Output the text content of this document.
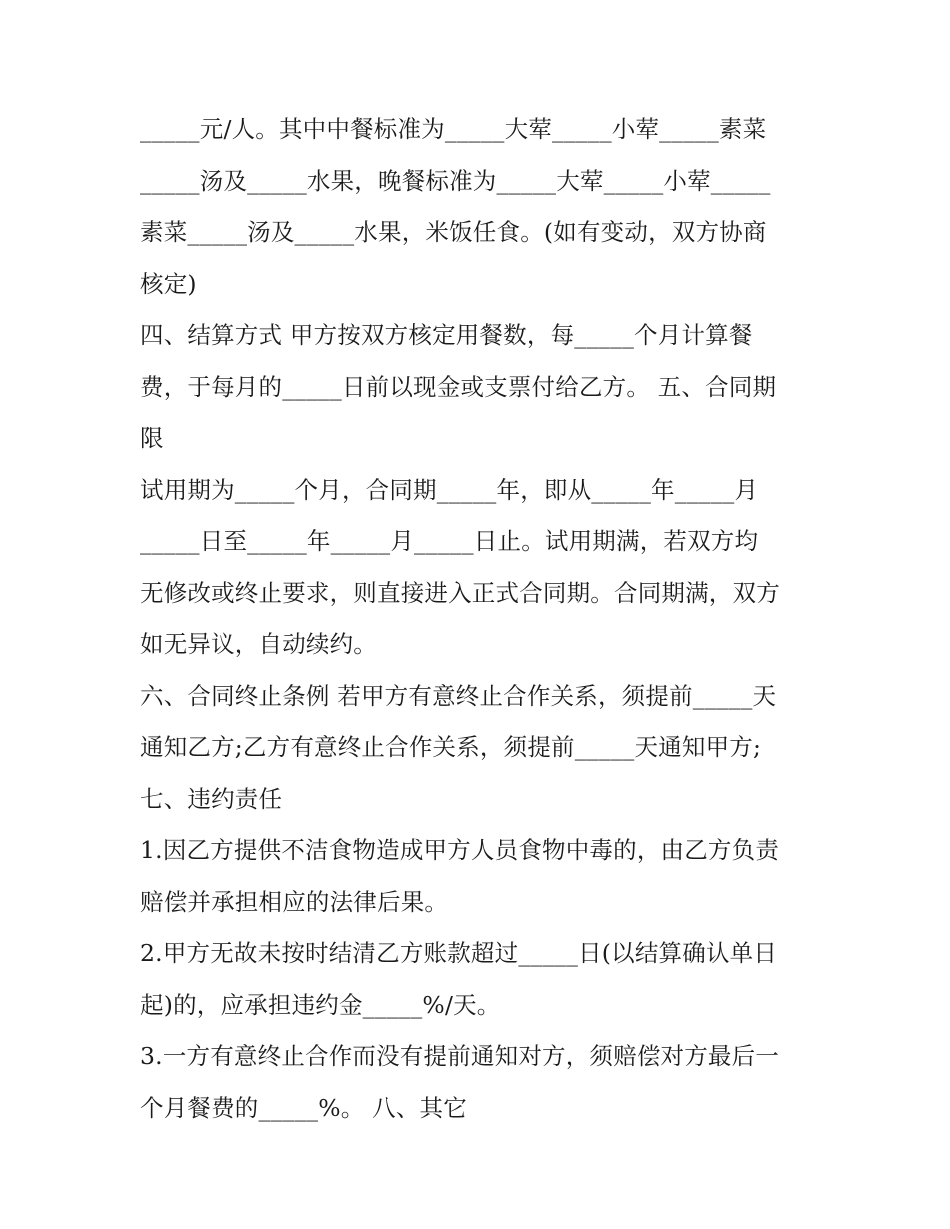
_____元/人。其中中餐标准为_____大荤_____小荤_____素菜
_____汤及_____水果，晚餐标准为_____大荤_____小荤_____
素菜_____汤及_____水果，米饭任食。(如有变动，双方协商
核定)
四、结算方式 甲方按双方核定用餐数，每_____个月计算餐
费，于每月的_____日前以现金或支票付给乙方。 五、合同期
限
试用期为_____个月，合同期_____年，即从_____年_____月
_____日至_____年_____月_____日止。试用期满，若双方均
无修改或终止要求，则直接进入正式合同期。合同期满，双方
如无异议，自动续约。
六、合同终止条例 若甲方有意终止合作关系，须提前_____天
通知乙方;乙方有意终止合作关系，须提前_____天通知甲方;
七、违约责任
1.因乙方提供不洁食物造成甲方人员食物中毒的，由乙方负责
赔偿并承担相应的法律后果。
2.甲方无故未按时结清乙方账款超过_____日(以结算确认单日
起)的，应承担违约金_____%/天。
3.一方有意终止合作而没有提前通知对方，须赔偿对方最后一
个月餐费的_____%。 八、其它
